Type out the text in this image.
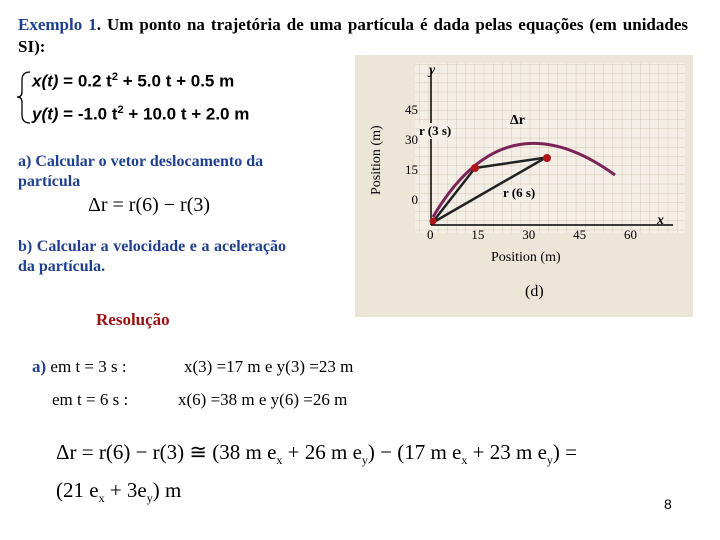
Exemplo 1. Um ponto na trajetória de uma partícula é dada pelas equações (em unidades SI):
x(t) = 0.2 $t^2 + 5.0$ t + 0.5 m
y(t) = -1.0 $t^2 + 10.0$ t + 2.0 m
a) Calcular o vetor deslocamento da partícula
Δr = r(6) − r(3)
b) Calcular a velocidade e a aceleração da partícula.
Position (m)
y
x
45
30
15
0
0	15	30	45	60
Position (m)
r (3 s)
r (6 s)
Δr
(d)
Resolução
a) em t = 3 s :	x(3) =17 m e y(3) =23 m
em t = 6 s :	x(6) =38 m e y(6) =26 m
Δr = r(6) − r(3) ≅ (38 m $e_x + 26$ m $e_y) - (17$ m $e_x + 23$ m $e_y$) =
(21 $e_x + 3e_y$) m
8
